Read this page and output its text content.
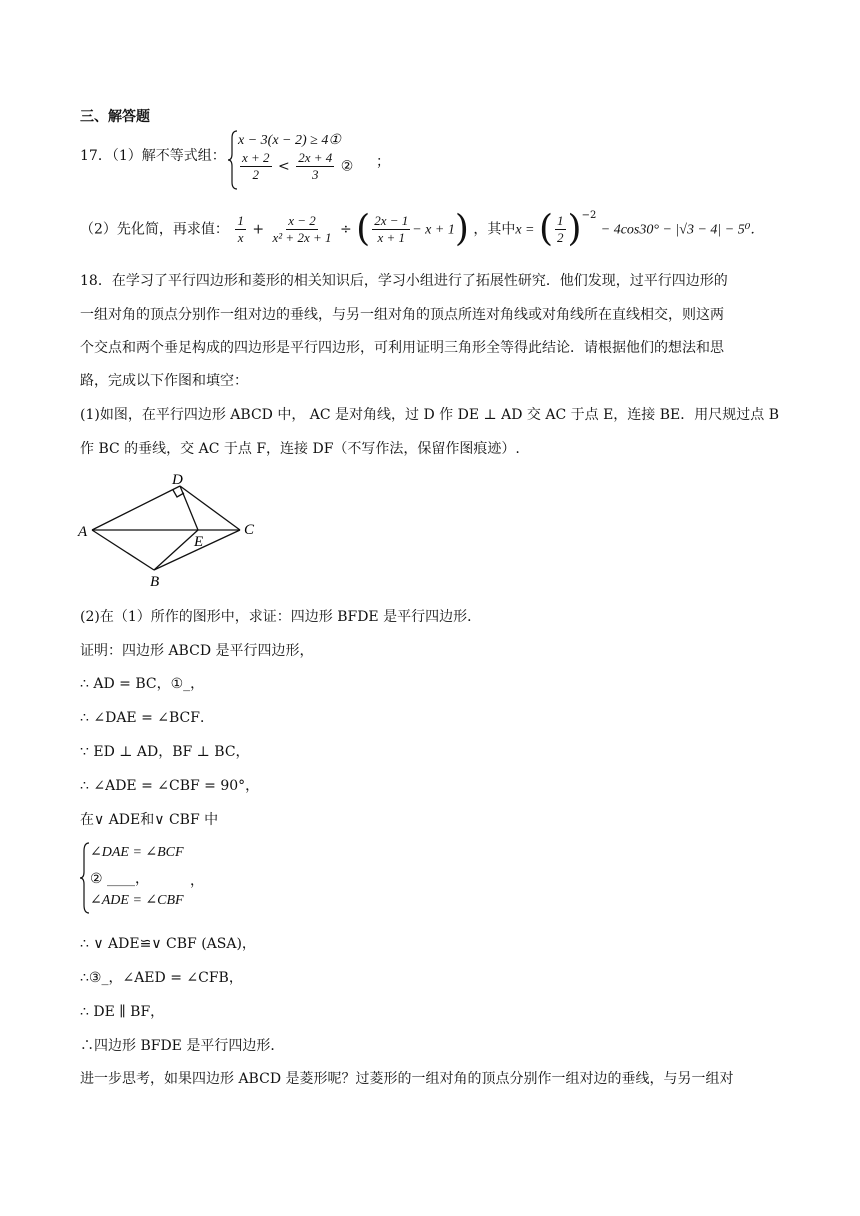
三、解答题
17．（1）解不等式组：
x − 3(x − 2) ≥ 4①
$\frac{x + 2}{2} < \frac{2x + 4}{3}$ ② ；
（2）先化简，再求值： $\frac{1}{x} + \frac{x - 2}{\text{x² + 2x + 1}}$ ÷ ( $\frac{2x - 1}{x + 1} - x + 1$) ，其中x = ( $\frac{1}{2} )^{-2} - 4\cos 30^\circ - |√3 - 4| - 5^0$．
18．在学习了平行四边形和菱形的相关知识后，学习小组进行了拓展性研究．他们发现，过平行四边形的
一组对角的顶点分别作一组对边的垂线，与另一组对角的顶点所连对角线或对角线所在直线相交，则这两
个交点和两个垂足构成的四边形是平行四边形，可利用证明三角形全等得此结论．请根据他们的想法和思
路，完成以下作图和填空：
(1)如图，在平行四边形 ABCD 中， AC 是对角线，过 D 作 DE ⊥ AD 交 AC 于点 E，连接 BE．用尺规过点 B
作 BC 的垂线，交 AC 于点 F，连接 DF（不写作法，保留作图痕迹）.
A
D
C
E
B
(2)在（1）所作的图形中，求证：四边形 BFDE 是平行四边形．
证明：四边形 ABCD 是平行四边形，
∴ AD = BC，①_，
∴ ∠DAE = ∠BCF．
∵ ED ⊥ AD，BF ⊥ BC，
∴ ∠ADE = ∠CBF = 90°，
在∨ ADE和∨ CBF 中
∠DAE = ∠BCF
② ____，
∠ADE = ∠CBF
，
∴ ∨ ADE≌∨ CBF (ASA)，
∴③_，∠AED = ∠CFB，
∴ DE ∥ BF，
∴四边形 BFDE 是平行四边形．
进一步思考，如果四边形 ABCD 是菱形呢？过菱形的一组对角的顶点分别作一组对边的垂线，与另一组对
